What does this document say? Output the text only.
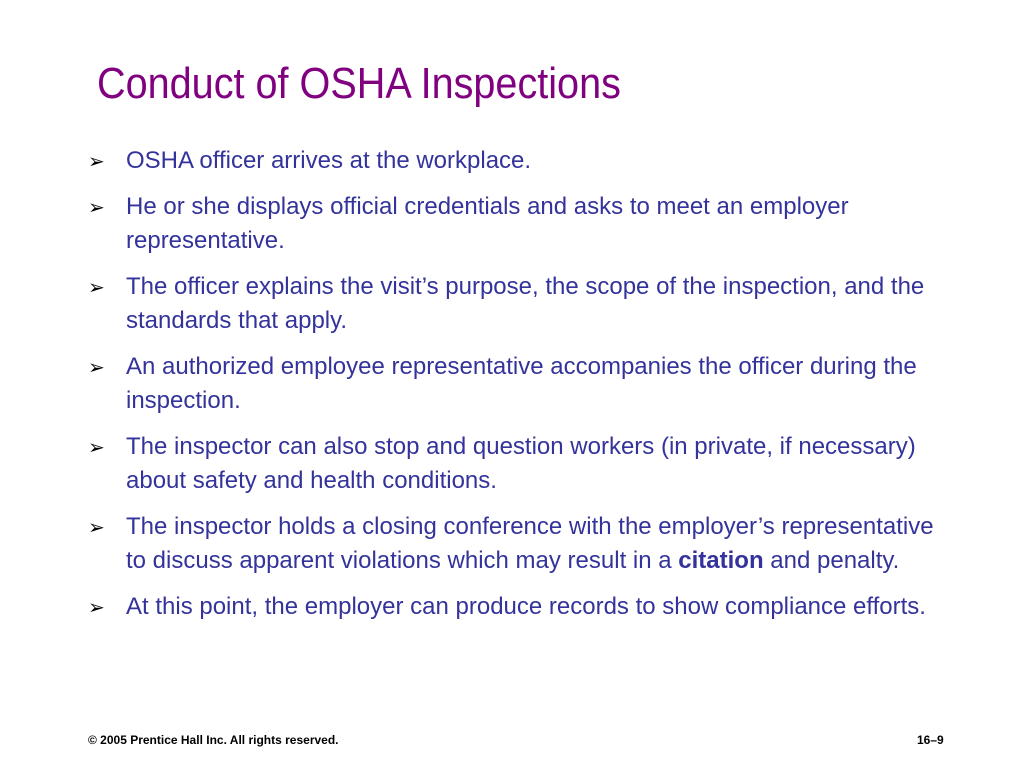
Conduct of OSHA Inspections
➢ OSHA officer arrives at the workplace.
➢ He or she displays official credentials and asks to meet an employer representative.
➢ The officer explains the visit’s purpose, the scope of the inspection, and the standards that apply.
➢ An authorized employee representative accompanies the officer during the inspection.
➢ The inspector can also stop and question workers (in private, if necessary) about safety and health conditions.
➢ The inspector holds a closing conference with the employer’s representative to discuss apparent violations which may result in a citation and penalty.
➢ At this point, the employer can produce records to show compliance efforts.
© 2005 Prentice Hall Inc. All rights reserved.	16–9
